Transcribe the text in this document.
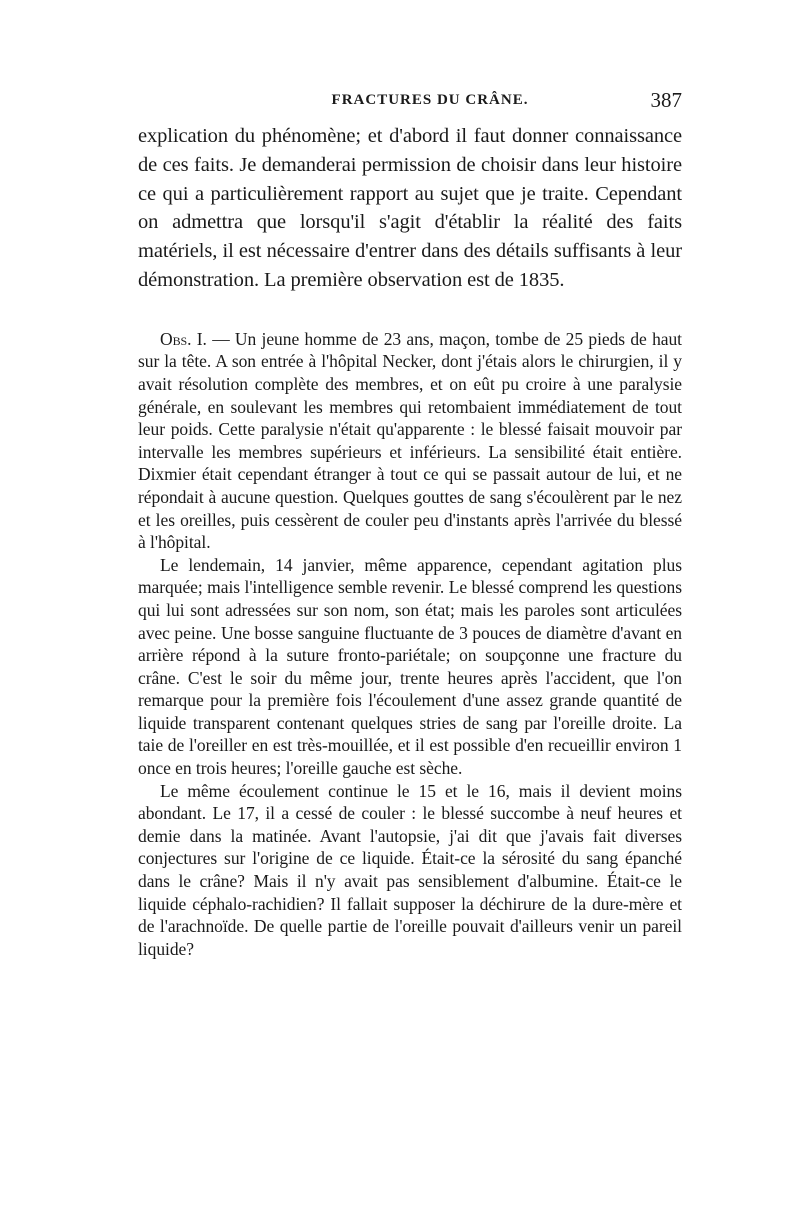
FRACTURES DU CRÂNE.	387

explication du phénomène; et d'abord il faut donner connaissance de ces faits. Je demanderai permission de choisir dans leur histoire ce qui a particulièrement rapport au sujet que je traite. Cependant on admettra que lorsqu'il s'agit d'établir la réalité des faits matériels, il est nécessaire d'entrer dans des détails suffisants à leur démonstration. La première observation est de 1835.

Obs. I. — Un jeune homme de 23 ans, maçon, tombe de 25 pieds de haut sur la tête. A son entrée à l'hôpital Necker, dont j'étais alors le chirurgien, il y avait résolution complète des membres, et on eût pu croire à une paralysie générale, en soulevant les membres qui retombaient immédiatement de tout leur poids. Cette paralysie n'était qu'apparente : le blessé faisait mouvoir par intervalle les membres supérieurs et inférieurs. La sensibilité était entière. Dixmier était cependant étranger à tout ce qui se passait autour de lui, et ne répondait à aucune question. Quelques gouttes de sang s'écoulèrent par le nez et les oreilles, puis cessèrent de couler peu d'instants après l'arrivée du blessé à l'hôpital.

Le lendemain, 14 janvier, même apparence, cependant agitation plus marquée; mais l'intelligence semble revenir. Le blessé comprend les questions qui lui sont adressées sur son nom, son état; mais les paroles sont articulées avec peine. Une bosse sanguine fluctuante de 3 pouces de diamètre d'avant en arrière répond à la suture fronto-pariétale; on soupçonne une fracture du crâne. C'est le soir du même jour, trente heures après l'accident, que l'on remarque pour la première fois l'écoulement d'une assez grande quantité de liquide transparent contenant quelques stries de sang par l'oreille droite. La taie de l'oreiller en est très-mouillée, et il est possible d'en recueillir environ 1 once en trois heures; l'oreille gauche est sèche.

Le même écoulement continue le 15 et le 16, mais il devient moins abondant. Le 17, il a cessé de couler : le blessé succombe à neuf heures et demie dans la matinée. Avant l'autopsie, j'ai dit que j'avais fait diverses conjectures sur l'origine de ce liquide. Était-ce la sérosité du sang épanché dans le crâne? Mais il n'y avait pas sensiblement d'albumine. Était-ce le liquide céphalo-rachidien? Il fallait supposer la déchirure de la dure-mère et de l'arachnoïde. De quelle partie de l'oreille pouvait d'ailleurs venir un pareil liquide?
